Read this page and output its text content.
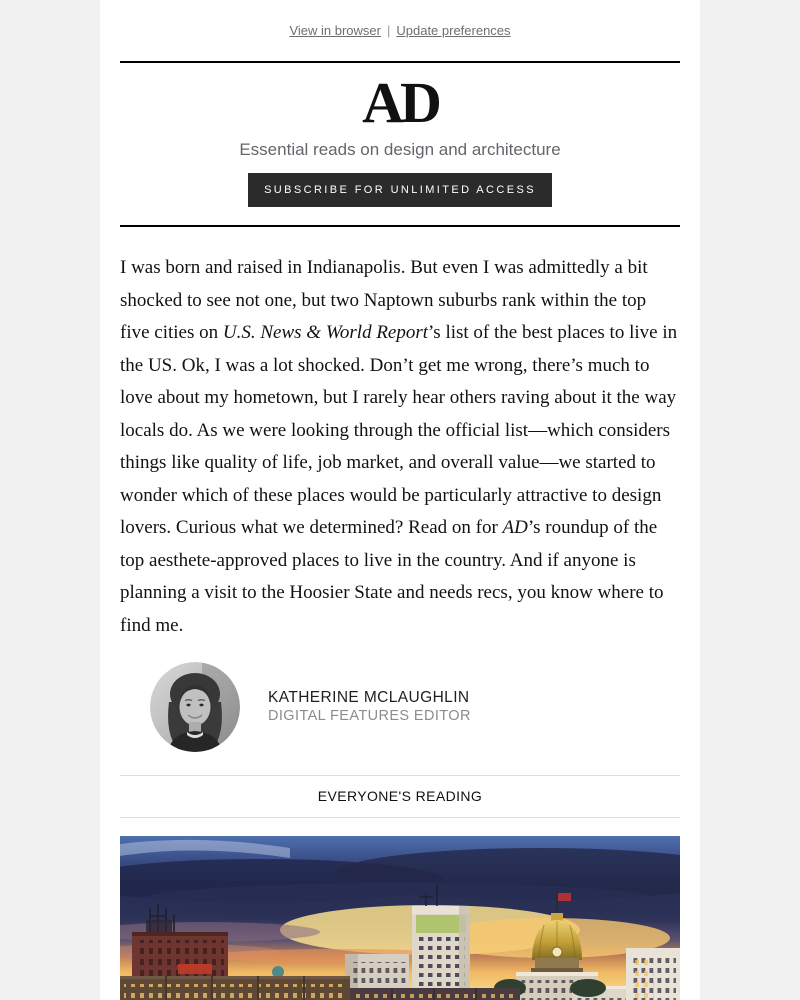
View in browser | Update preferences
AD
Essential reads on design and architecture
SUBSCRIBE FOR UNLIMITED ACCESS

I was born and raised in Indianapolis. But even I was admittedly a bit shocked to see not one, but two Naptown suburbs rank within the top five cities on U.S. News & World Report’s list of the best places to live in the US. Ok, I was a lot shocked. Don’t get me wrong, there’s much to love about my hometown, but I rarely hear others raving about it the way locals do. As we were looking through the official list—which considers things like quality of life, job market, and overall value—we started to wonder which of these places would be particularly attractive to design lovers. Curious what we determined? Read on for AD’s roundup of the top aesthete-approved places to live in the country. And if anyone is planning a visit to the Hoosier State and needs recs, you know where to find me.

KATHERINE MCLAUGHLIN
DIGITAL FEATURES EDITOR
EVERYONE'S READING
